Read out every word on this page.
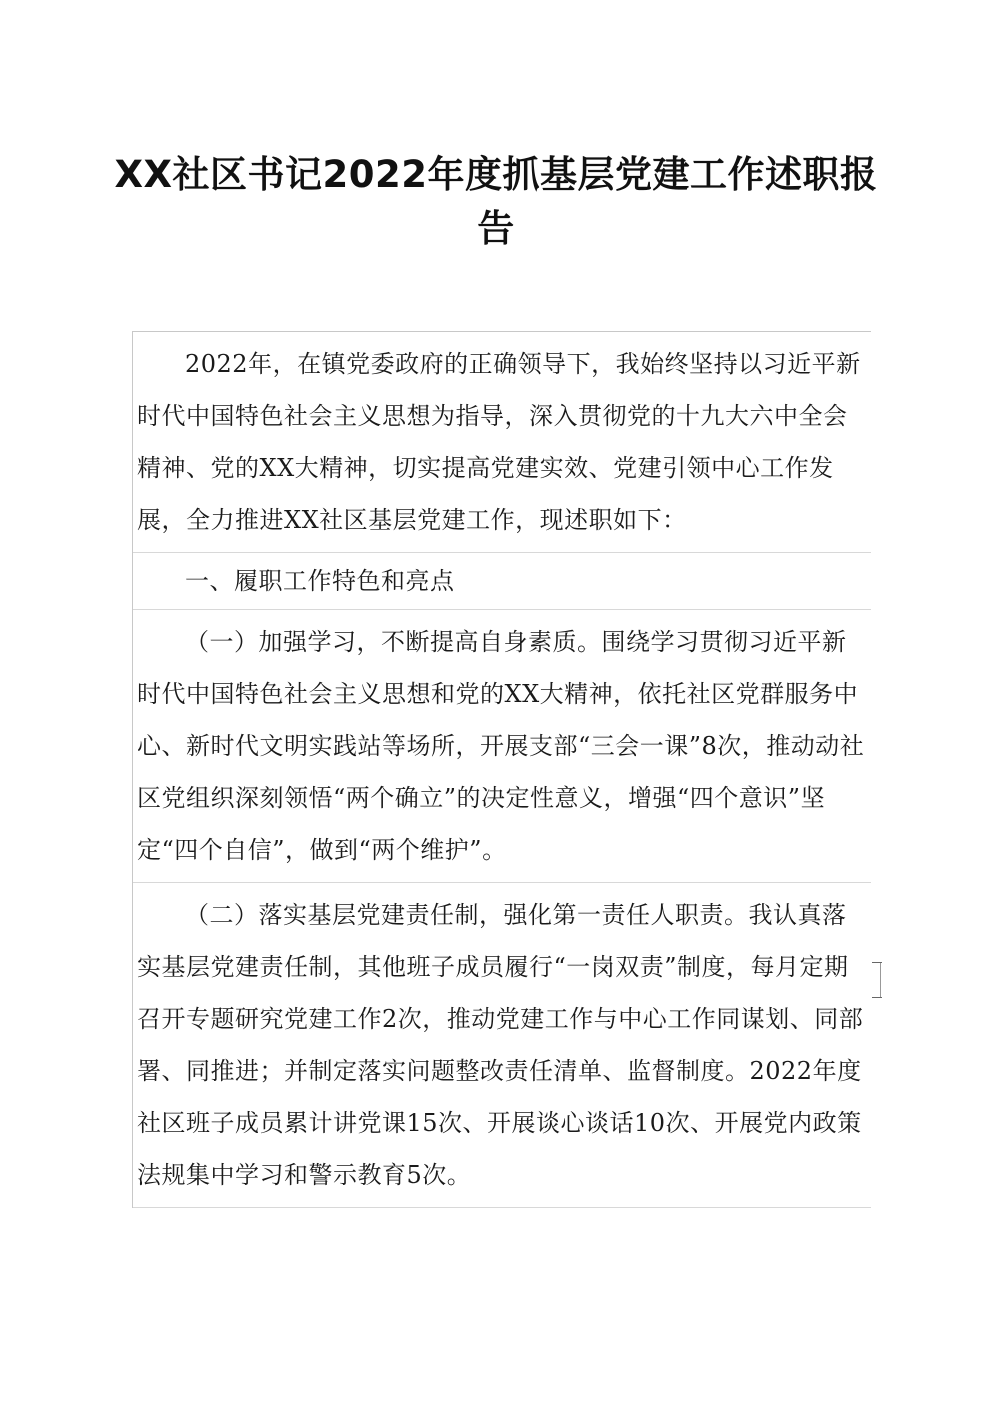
XX社区书记2022年度抓基层党建工作述职报告

2022年，在镇党委政府的正确领导下，我始终坚持以习近平新时代中国特色社会主义思想为指导，深入贯彻党的十九大六中全会精神、党的XX大精神，切实提高党建实效、党建引领中心工作发展，全力推进XX社区基层党建工作，现述职如下：

一、履职工作特色和亮点

（一）加强学习，不断提高自身素质。围绕学习贯彻习近平新时代中国特色社会主义思想和党的XX大精神，依托社区党群服务中心、新时代文明实践站等场所，开展支部“三会一课”8次，推动动社区党组织深刻领悟“两个确立”的决定性意义，增强“四个意识”坚定“四个自信”，做到“两个维护”。

（二）落实基层党建责任制，强化第一责任人职责。我认真落实基层党建责任制，其他班子成员履行“一岗双责”制度，每月定期召开专题研究党建工作2次，推动党建工作与中心工作同谋划、同部署、同推进；并制定落实问题整改责任清单、监督制度。2022年度社区班子成员累计讲党课15次、开展谈心谈话10次、开展党内政策法规集中学习和警示教育5次。
